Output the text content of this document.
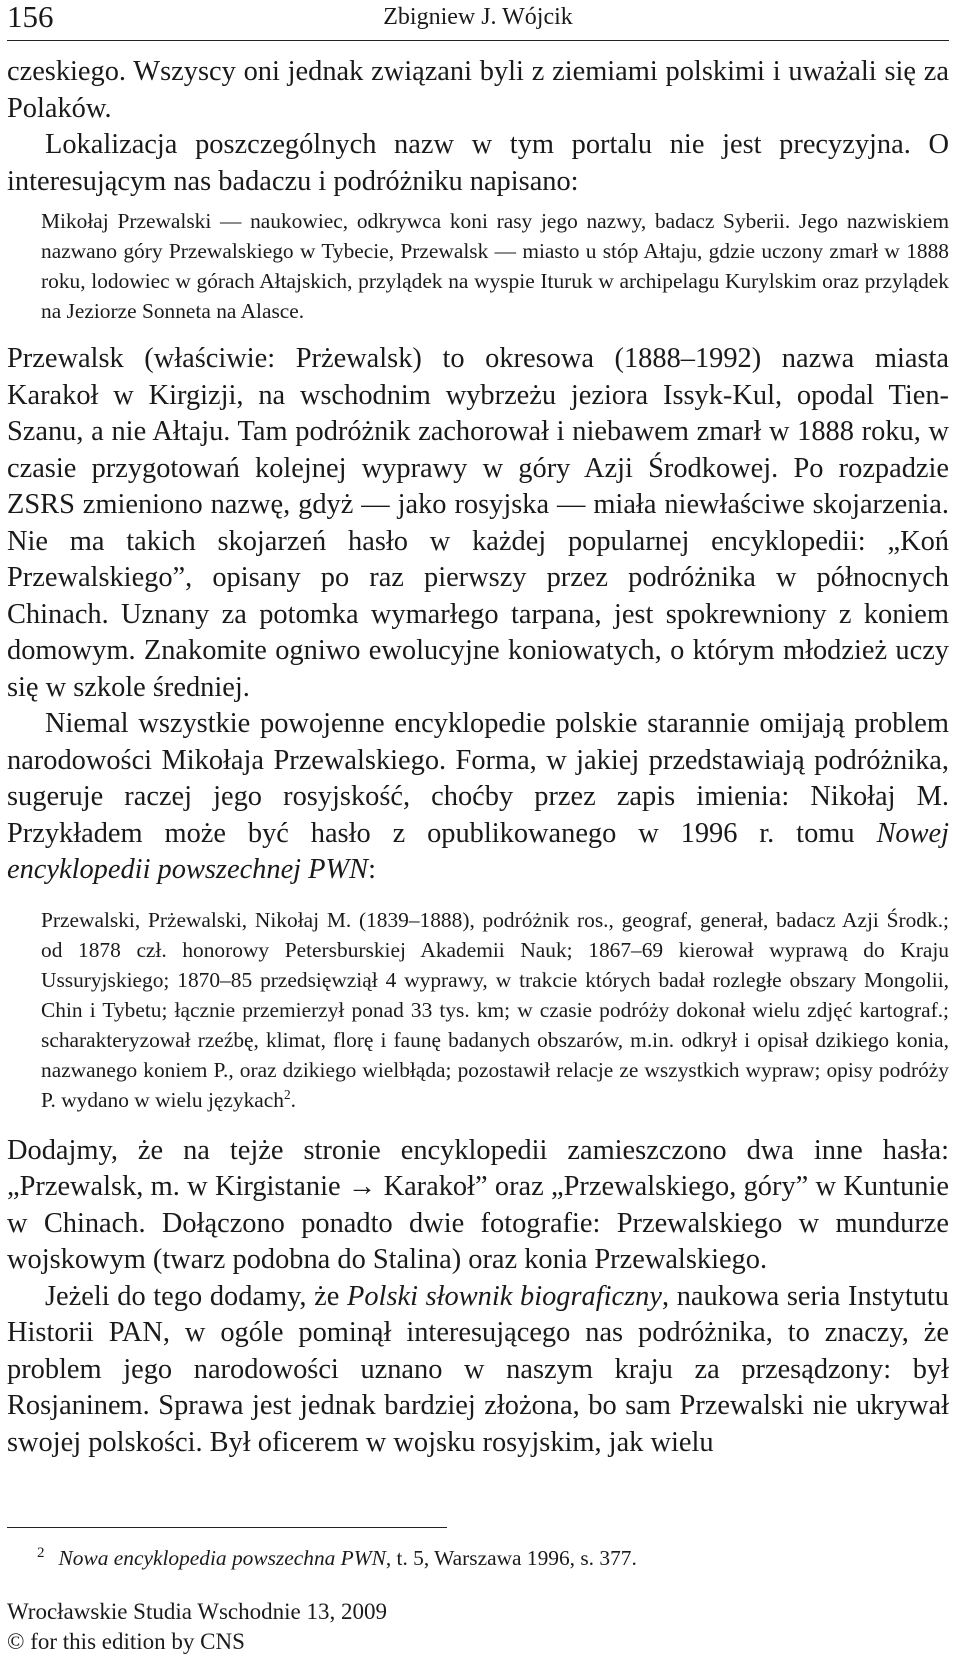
156	Zbigniew J. Wójcik

czeskiego. Wszyscy oni jednak związani byli z ziemiami polskimi i uważali się za Polaków.

Lokalizacja poszczególnych nazw w tym portalu nie jest precyzyjna. O interesującym nas badaczu i podróżniku napisano:

Mikołaj Przewalski — naukowiec, odkrywca koni rasy jego nazwy, badacz Syberii. Jego nazwiskiem nazwano góry Przewalskiego w Tybecie, Przewalsk — miasto u stóp Ałtaju, gdzie uczony zmarł w 1888 roku, lodowiec w górach Ałtajskich, przylądek na wyspie Ituruk w archipelagu Kurylskim oraz przylądek na Jeziorze Sonneta na Alasce.

Przewalsk (właściwie: Prżewalsk) to okresowa (1888–1992) nazwa miasta Karakoł w Kirgizji, na wschodnim wybrzeżu jeziora Issyk-Kul, opodal Tien-Szanu, a nie Ałtaju. Tam podróżnik zachorował i niebawem zmarł w 1888 roku, w czasie przygotowań kolejnej wyprawy w góry Azji Środkowej. Po rozpadzie ZSRS zmieniono nazwę, gdyż — jako rosyjska — miała niewłaściwe skojarzenia. Nie ma takich skojarzeń hasło w każdej popularnej encyklopedii: „Koń Przewalskiego”, opisany po raz pierwszy przez podróżnika w północnych Chinach. Uznany za potomka wymarłego tarpana, jest spokrewniony z koniem domowym. Znakomite ogniwo ewolucyjne koniowatych, o którym młodzież uczy się w szkole średniej.

Niemal wszystkie powojenne encyklopedie polskie starannie omijają problem narodowości Mikołaja Przewalskiego. Forma, w jakiej przedstawiają podróżnika, sugeruje raczej jego rosyjskość, choćby przez zapis imienia: Nikołaj M. Przykładem może być hasło z opublikowanego w 1996 r. tomu Nowej encyklopedii powszechnej PWN:

Przewalski, Prżewalski, Nikołaj M. (1839–1888), podróżnik ros., geograf, generał, badacz Azji Środk.; od 1878 czł. honorowy Petersburskiej Akademii Nauk; 1867–69 kierował wyprawą do Kraju Ussuryjskiego; 1870–85 przedsięwziął 4 wyprawy, w trakcie których badał rozległe obszary Mongolii, Chin i Tybetu; łącznie przemierzył ponad 33 tys. km; w czasie podróży dokonał wielu zdjęć kartograf.; scharakteryzował rzeźbę, klimat, florę i faunę badanych obszarów, m.in. odkrył i opisał dzikiego konia, nazwanego koniem P., oraz dzikiego wielbłąda; pozostawił relacje ze wszystkich wypraw; opisy podróży P. wydano w wielu językach$^2$.

Dodajmy, że na tejże stronie encyklopedii zamieszczono dwa inne hasła: „Przewalsk, m. w Kirgistanie → Karakoł” oraz „Przewalskiego, góry” w Kuntunie w Chinach. Dołączono ponadto dwie fotografie: Przewalskiego w mundurze wojskowym (twarz podobna do Stalina) oraz konia Przewalskiego.

Jeżeli do tego dodamy, że Polski słownik biograficzny, naukowa seria Instytutu Historii PAN, w ogóle pominął interesującego nas podróżnika, to znaczy, że problem jego narodowości uznano w naszym kraju za przesądzony: był Rosjaninem. Sprawa jest jednak bardziej złożona, bo sam Przewalski nie ukrywał swojej polskości. Był oficerem w wojsku rosyjskim, jak wielu

$^2$ Nowa encyklopedia powszechna PWN, t. 5, Warszawa 1996, s. 377.
Wrocławskie Studia Wschodnie 13, 2009
© for this edition by CNS
